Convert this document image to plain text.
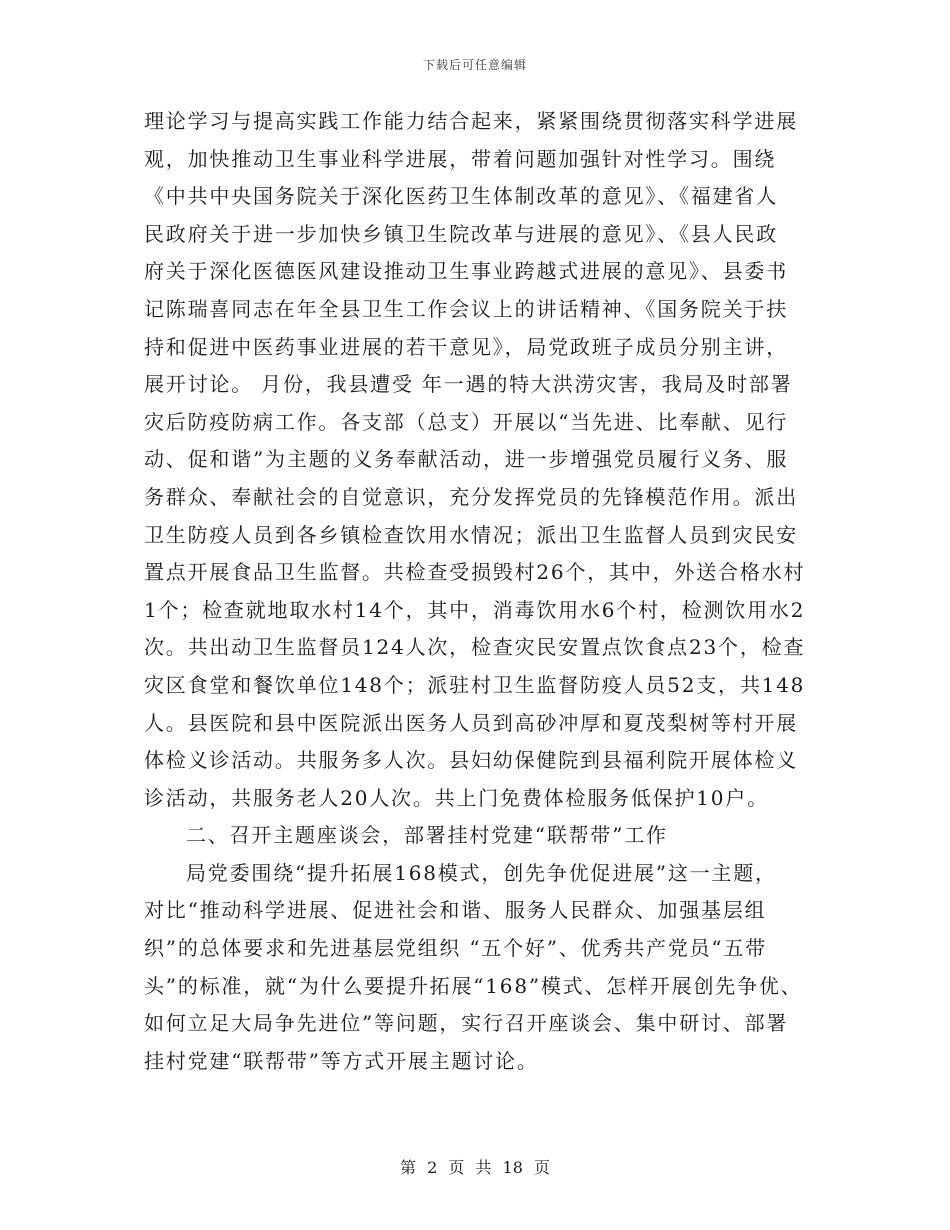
下载后可任意编辑
理论学习与提高实践工作能力结合起来，紧紧围绕贯彻落实科学进展
观，加快推动卫生事业科学进展，带着问题加强针对性学习。围绕
《中共中央国务院关于深化医药卫生体制改革的意见》、《福建省人
民政府关于进一步加快乡镇卫生院改革与进展的意见》、《县人民政
府关于深化医德医风建设推动卫生事业跨越式进展的意见》、县委书
记陈瑞喜同志在年全县卫生工作会议上的讲话精神、《国务院关于扶
持和促进中医药事业进展的若干意见》，局党政班子成员分别主讲，
展开讨论。 月份，我县遭受 年一遇的特大洪涝灾害，我局及时部署
灾后防疫防病工作。各支部（总支）开展以“当先进、比奉献、见行
动、促和谐”为主题的义务奉献活动，进一步增强党员履行义务、服
务群众、奉献社会的自觉意识，充分发挥党员的先锋模范作用。派出
卫生防疫人员到各乡镇检查饮用水情况；派出卫生监督人员到灾民安
置点开展食品卫生监督。共检查受损毁村26个，其中，外送合格水村
1个；检查就地取水村14个，其中，消毒饮用水6个村，检测饮用水2
次。共出动卫生监督员124人次，检查灾民安置点饮食点23个，检查
灾区食堂和餐饮单位148个；派驻村卫生监督防疫人员52支，共148
人。县医院和县中医院派出医务人员到高砂冲厚和夏茂梨树等村开展
体检义诊活动。共服务多人次。县妇幼保健院到县福利院开展体检义
诊活动，共服务老人20人次。共上门免费体检服务低保护10户。
二、召开主题座谈会，部署挂村党建“联帮带”工作
局党委围绕“提升拓展168模式，创先争优促进展”这一主题，
对比“推动科学进展、促进社会和谐、服务人民群众、加强基层组
织”的总体要求和先进基层党组织 “五个好”、优秀共产党员“五带
头”的标准，就“为什么要提升拓展“168”模式、怎样开展创先争优、
如何立足大局争先进位”等问题，实行召开座谈会、集中研讨、部署
挂村党建“联帮带”等方式开展主题讨论。
第 2 页 共 18 页
